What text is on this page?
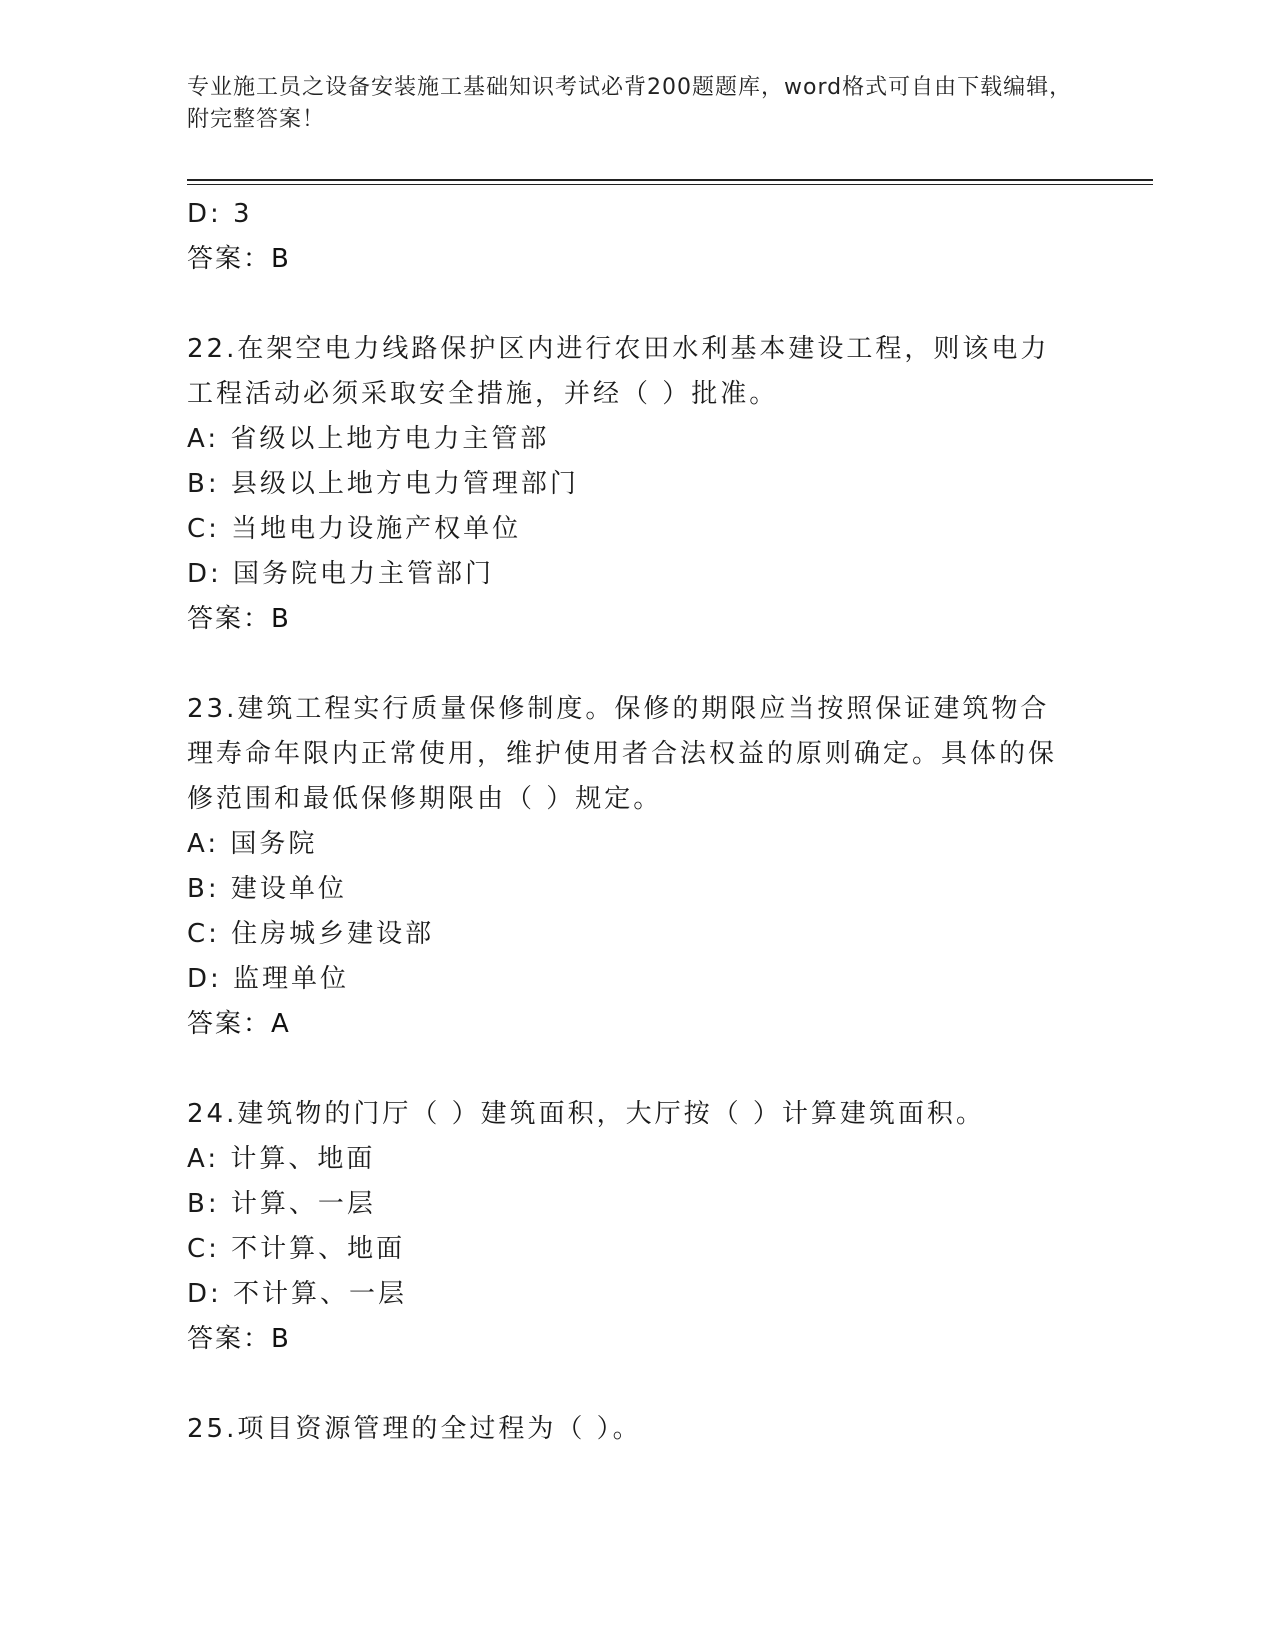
专业施工员之设备安装施工基础知识考试必背200题题库，word格式可自由下载编辑，附完整答案！
D: 3
答案：B
22.在架空电力线路保护区内进行农田水利基本建设工程，则该电力工程活动必须采取安全措施，并经（ ）批准。
A: 省级以上地方电力主管部
B: 县级以上地方电力管理部门
C: 当地电力设施产权单位
D: 国务院电力主管部门
答案：B
23.建筑工程实行质量保修制度。保修的期限应当按照保证建筑物合理寿命年限内正常使用，维护使用者合法权益的原则确定。具体的保修范围和最低保修期限由（ ）规定。
A: 国务院
B: 建设单位
C: 住房城乡建设部
D: 监理单位
答案：A
24.建筑物的门厅（ ）建筑面积，大厅按（ ）计算建筑面积。
A: 计算、地面
B: 计算、一层
C: 不计算、地面
D: 不计算、一层
答案：B
25.项目资源管理的全过程为（ ）。
